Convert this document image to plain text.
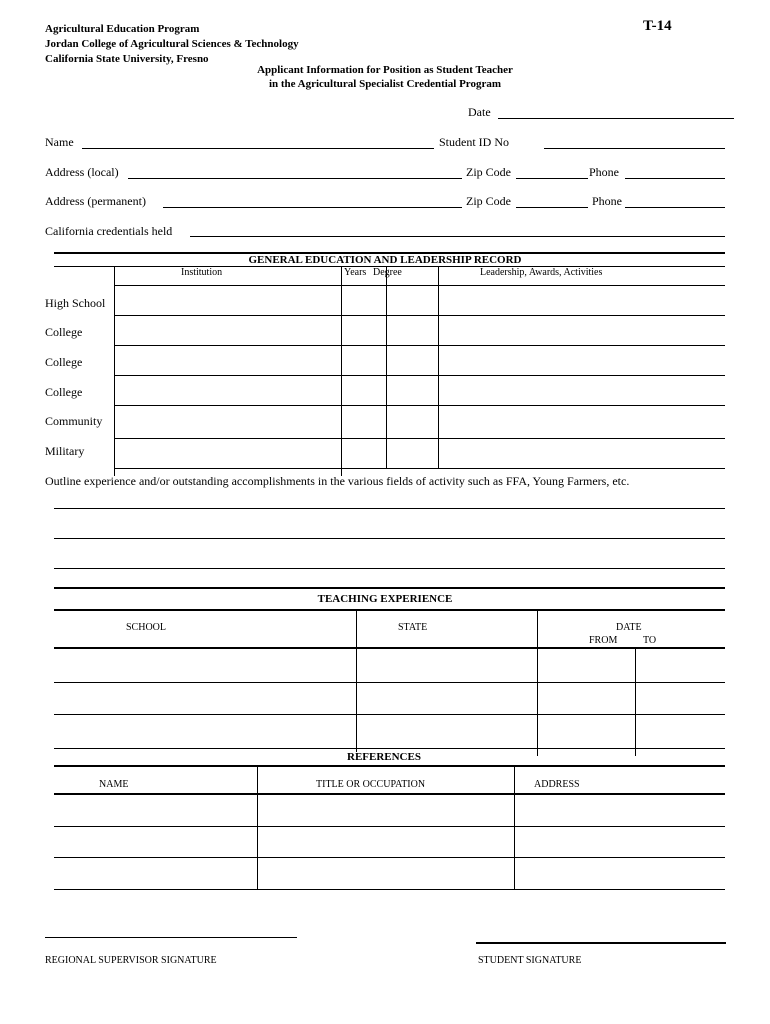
Agricultural Education Program
Jordan College of Agricultural Sciences & Technology
California State University, Fresno
T-14
Applicant Information for Position as Student Teacher
in the Agricultural Specialist Credential Program
Date
Name	Student ID No
Address (local)	Zip Code	Phone
Address (permanent)	Zip Code	Phone
California credentials held
GENERAL EDUCATION AND LEADERSHIP RECORD
Institution	Years Degree	Leadership, Awards, Activities
High School
College
College
College
Community
Military
Outline experience and/or outstanding accomplishments in the various fields of activity such as FFA, Young Farmers, etc.
TEACHING EXPERIENCE
SCHOOL	STATE	DATE
FROM	TO
REFERENCES
NAME	TITLE OR OCCUPATION	ADDRESS
REGIONAL SUPERVISOR SIGNATURE	STUDENT SIGNATURE
